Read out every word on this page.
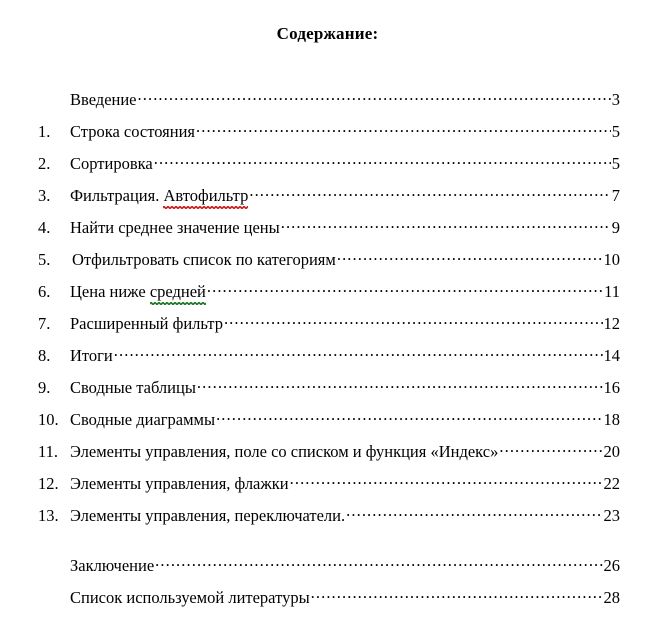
Содержание:
Введение .....	3
1.	Строка состояния .....	5
2.	Сортировка .....	5
3.	Фильтрация. Автофильтр .....	7
4.	Найти среднее значение цены .....	9
5.	Отфильтровать список по категориям .....	10
6.	Цена ниже средней .....	11
7.	Расширенный фильтр .....	12
8.	Итоги .....	14
9.	Сводные таблицы .....	16
10. Сводные диаграммы .....	18
11. Элементы управления, поле со списком и функция «Индекс» .....	20
12. Элементы управления, флажки .....	22
13. Элементы управления, переключатели. .....	23
Заключение .....	26
Список используемой литературы .....	28
